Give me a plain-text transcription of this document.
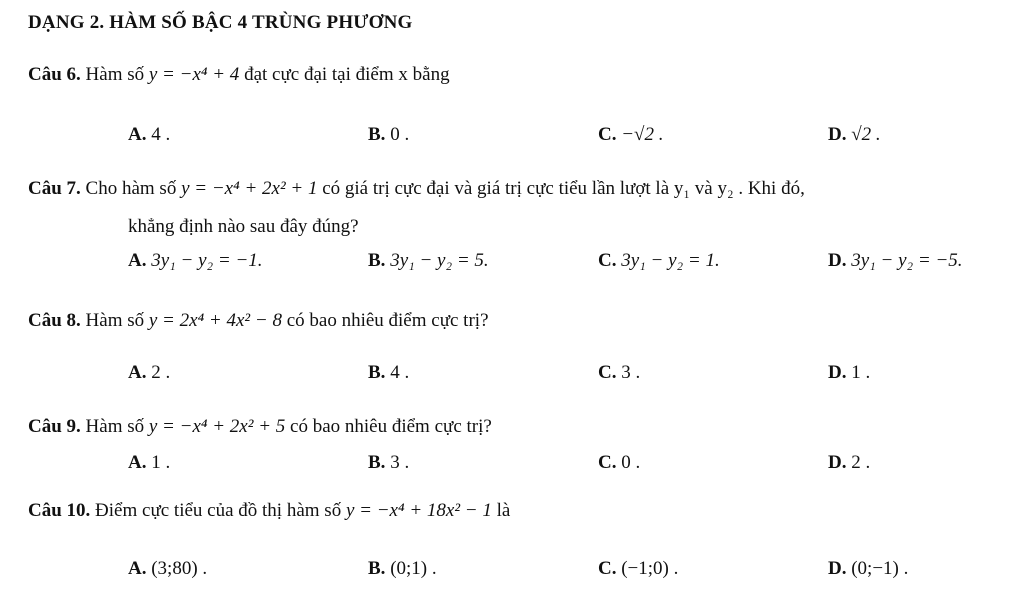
DẠNG 2. HÀM SỐ BẬC 4 TRÙNG PHƯƠNG
Câu 6. Hàm số y = −x⁴ + 4 đạt cực đại tại điểm x bằng
A. 4 .	B. 0 .	C. −√2 .	D. √2 .
Câu 7. Cho hàm số y = −x⁴ + 2x² + 1 có giá trị cực đại và giá trị cực tiểu lần lượt là y₁ và y₂ . Khi đó,
khẳng định nào sau đây đúng?
A. 3y₁ − y₂ = −1.	B. 3y₁ − y₂ = 5.	C. 3y₁ − y₂ = 1.	D. 3y₁ − y₂ = −5.
Câu 8. Hàm số y = 2x⁴ + 4x² − 8 có bao nhiêu điểm cực trị?
A. 2 .	B. 4 .	C. 3 .	D. 1 .
Câu 9. Hàm số y = −x⁴ + 2x² + 5 có bao nhiêu điểm cực trị?
A. 1 .	B. 3 .	C. 0 .	D. 2 .
Câu 10. Điểm cực tiểu của đồ thị hàm số y = −x⁴ + 18x² − 1 là
A. (3;80) .	B. (0;1) .	C. (−1;0) .	D. (0;−1) .
